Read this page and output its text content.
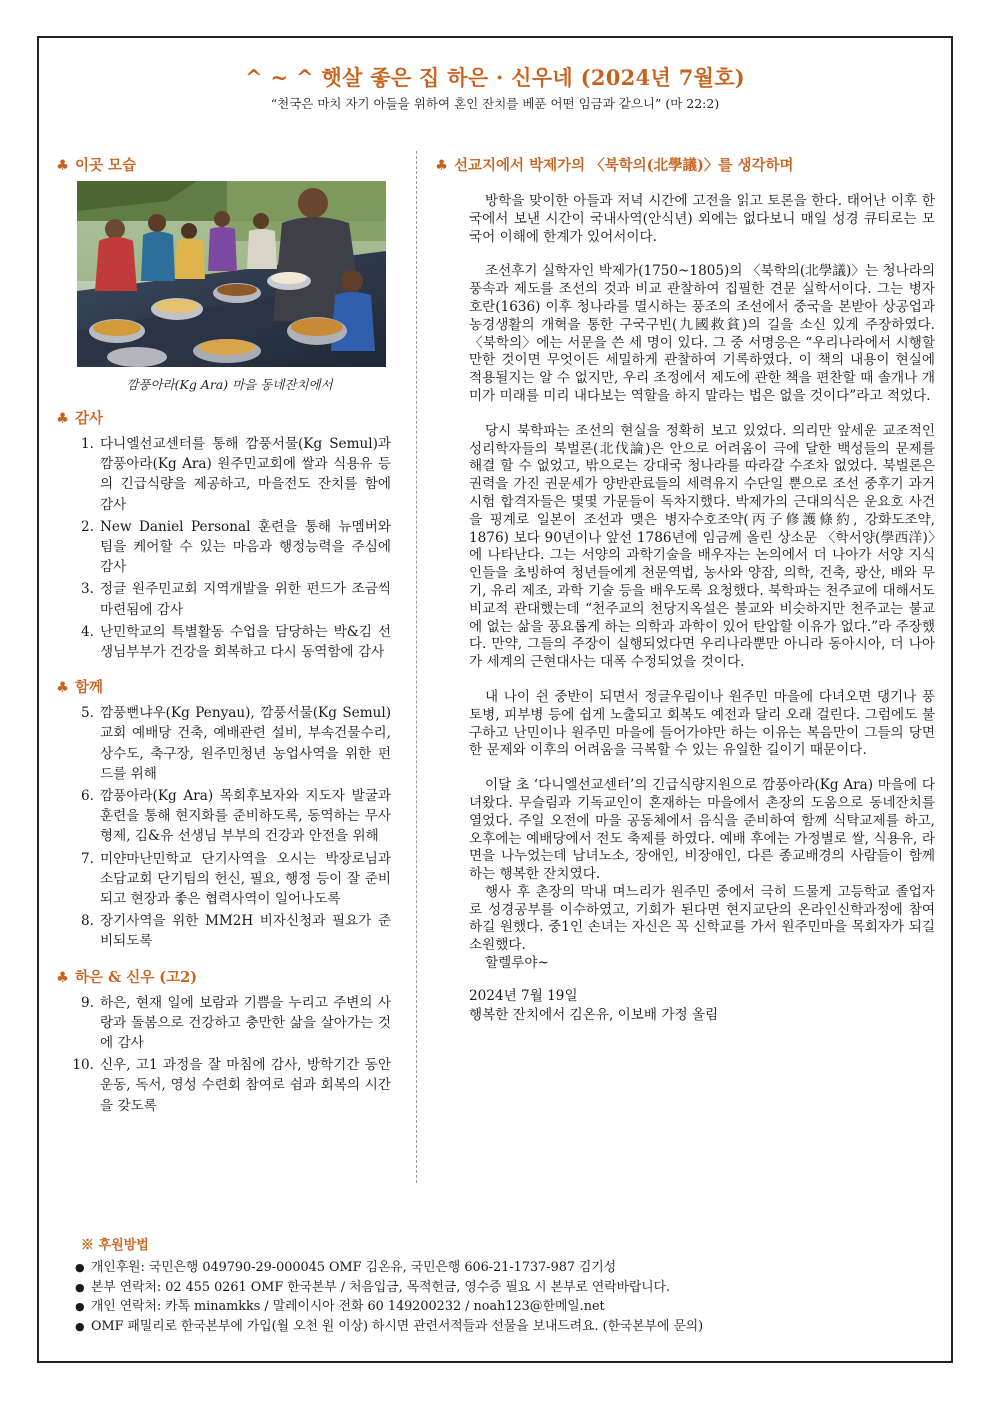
^ ~ ^ 햇살 좋은 집 하은 · 신우네 (2024년 7월호)
“천국은 마치 자기 아들을 위하여 혼인 잔치를 베푼 어떤 임금과 같으니” (마 22:2)
♣ 이곳 모습
깜풍아라(Kg Ara) 마을 동네잔치에서
♣ 감사
1. 다니엘선교센터를 통해 깜풍서물(Kg Semul)과 깜풍아라(Kg Ara) 원주민교회에 쌀과 식용유 등의 긴급식량을 제공하고, 마을전도 잔치를 함에 감사
2. New Daniel Personal 훈련을 통해 뉴멤버와 팀을 케어할 수 있는 마음과 행정능력을 주심에 감사
3. 정글 원주민교회 지역개발을 위한 펀드가 조금씩 마련됨에 감사
4. 난민학교의 특별활동 수업을 담당하는 박&김 선생님부부가 건강을 회복하고 다시 동역함에 감사
♣ 함께
5. 깜풍뻔냐우(Kg Penyau), 깜풍서물(Kg Semul) 교회 예배당 건축, 예배관련 설비, 부속건물수리, 상수도, 축구장, 원주민청년 농업사역을 위한 펀드를 위해
6. 깜풍아라(Kg Ara) 목회후보자와 지도자 발굴과 훈련을 통해 현지화를 준비하도록, 동역하는 무사형제, 김&유 선생님 부부의 건강과 안전을 위해
7. 미얀마난민학교 단기사역을 오시는 박장로님과 소담교회 단기팀의 헌신, 필요, 행정 등이 잘 준비되고 현장과 좋은 협력사역이 일어나도록
8. 장기사역을 위한 MM2H 비자신청과 필요가 준비되도록
♣ 하은 & 신우 (고2)
9. 하은, 현재 일에 보람과 기쁨을 누리고 주변의 사랑과 돌봄으로 건강하고 충만한 삶을 살아가는 것에 감사
10. 신우, 고1 과정을 잘 마침에 감사, 방학기간 동안 운동, 독서, 영성 수련회 참여로 쉼과 회복의 시간을 갖도록
♣ 선교지에서 박제가의 〈북학의(北學議)〉를 생각하며

방학을 맞이한 아들과 저녁 시간에 고전을 읽고 토론을 한다. 태어난 이후 한국에서 보낸 시간이 국내사역(안식년) 외에는 없다보니 매일 성경 큐티로는 모국어 이해에 한계가 있어서이다.

조선후기 실학자인 박제가(1750~1805)의 〈북학의(北學議)〉는 청나라의 풍속과 제도를 조선의 것과 비교 관찰하여 집필한 견문 실학서이다. 그는 병자호란(1636) 이후 청나라를 멸시하는 풍조의 조선에서 중국을 본받아 상공업과 농경생활의 개혁을 통한 구국구빈(九國救貧)의 길을 소신 있게 주장하였다. 〈북학의〉에는 서문을 쓴 세 명이 있다. 그 중 서명응은 “우리나라에서 시행할 만한 것이면 무엇이든 세밀하게 관찰하여 기록하였다. 이 책의 내용이 현실에 적용될지는 알 수 없지만, 우리 조정에서 제도에 관한 책을 편찬할 때 솔개나 개미가 미래를 미리 내다보는 역할을 하지 말라는 법은 없을 것이다”라고 적었다.

당시 북학파는 조선의 현실을 정확히 보고 있었다. 의리만 앞세운 교조적인 성리학자들의 북벌론(北伐論)은 안으로 어려움이 극에 달한 백성들의 문제를 해결 할 수 없었고, 밖으로는 강대국 청나라를 따라갈 수조차 없었다. 북벌론은 권력을 가진 권문세가 양반관료들의 세력유지 수단일 뿐으로 조선 중후기 과거시험 합격자들은 몇몇 가문들이 독차지했다. 박제가의 근대의식은 운요호 사건을 핑계로 일본이 조선과 맺은 병자수호조약(丙子修護條約, 강화도조약, 1876) 보다 90년이나 앞선 1786년에 임금께 올린 상소문 〈학서양(學西洋)〉에 나타난다. 그는 서양의 과학기술을 배우자는 논의에서 더 나아가 서양 지식인들을 초빙하여 청년들에게 천문역법, 농사와 양잠, 의학, 건축, 광산, 배와 무기, 유리 제조, 과학 기술 등을 배우도록 요청했다. 북학파는 천주교에 대해서도 비교적 관대했는데 “천주교의 천당지옥설은 불교와 비슷하지만 천주교는 불교에 없는 삶을 풍요롭게 하는 의학과 과학이 있어 탄압할 이유가 없다.”라 주장했다. 만약, 그들의 주장이 실행되었다면 우리나라뿐만 아니라 동아시아, 더 나아가 세계의 근현대사는 대폭 수정되었을 것이다.

내 나이 쉰 중반이 되면서 정글우림이나 원주민 마을에 다녀오면 댕기나 풍토병, 피부병 등에 쉽게 노출되고 회복도 예전과 달리 오래 걸린다. 그럼에도 불구하고 난민이나 원주민 마을에 들어가야만 하는 이유는 복음만이 그들의 당면한 문제와 이후의 어려움을 극복할 수 있는 유일한 길이기 때문이다.

이달 초 ‘다니엘선교센터’의 긴급식량지원으로 깜풍아라(Kg Ara) 마을에 다녀왔다. 무슬림과 기독교인이 혼재하는 마을에서 촌장의 도움으로 동네잔치를 열었다. 주일 오전에 마을 공동체에서 음식을 준비하여 함께 식탁교제를 하고, 오후에는 예배당에서 전도 축제를 하였다. 예배 후에는 가정별로 쌀, 식용유, 라면을 나누었는데 남녀노소, 장애인, 비장애인, 다른 종교배경의 사람들이 함께하는 행복한 잔치였다.

행사 후 촌장의 막내 며느리가 원주민 중에서 극히 드물게 고등학교 졸업자로 성경공부를 이수하였고, 기회가 된다면 현지교단의 온라인신학과정에 참여하길 원했다. 중1인 손녀는 자신은 꼭 신학교를 가서 원주민마을 목회자가 되길 소원했다.

할렐루야~

2024년 7월 19일
행복한 잔치에서 김온유, 이보배 가정 올림
※ 후원방법
● 개인후원: 국민은행 049790-29-000045 OMF 김온유, 국민은행 606-21-1737-987 김기성
● 본부 연락처: 02 455 0261 OMF 한국본부 / 처음입금, 목적헌금, 영수증 필요 시 본부로 연락바랍니다.
● 개인 연락처: 카톡 minamkks / 말레이시아 전화 60 149200232 / noah123@한메일.net
● OMF 패밀리로 한국본부에 가입(월 오천 원 이상) 하시면 관련서적들과 선물을 보내드려요. (한국본부에 문의)
